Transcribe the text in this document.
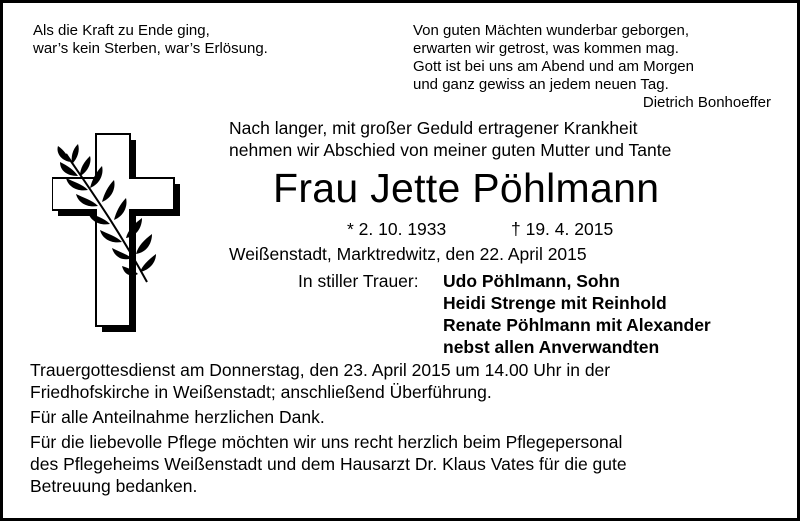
Als die Kraft zu Ende ging,
war’s kein Sterben, war’s Erlösung.
Von guten Mächten wunderbar geborgen,
erwarten wir getrost, was kommen mag.
Gott ist bei uns am Abend und am Morgen
und ganz gewiss an jedem neuen Tag.
Dietrich Bonhoeffer
Nach langer, mit großer Geduld ertragener Krankheit
nehmen wir Abschied von meiner guten Mutter und Tante
Frau Jette Pöhlmann
* 2. 10. 1933	† 19. 4. 2015
Weißenstadt, Marktredwitz, den 22. April 2015
In stiller Trauer: Udo Pöhlmann, Sohn
Heidi Strenge mit Reinhold
Renate Pöhlmann mit Alexander
nebst allen Anverwandten
Trauergottesdienst am Donnerstag, den 23. April 2015 um 14.00 Uhr in der
Friedhofskirche in Weißenstadt; anschließend Überführung.
Für alle Anteilnahme herzlichen Dank.
Für die liebevolle Pflege möchten wir uns recht herzlich beim Pflegepersonal
des Pflegeheims Weißenstadt und dem Hausarzt Dr. Klaus Vates für die gute
Betreuung bedanken.
